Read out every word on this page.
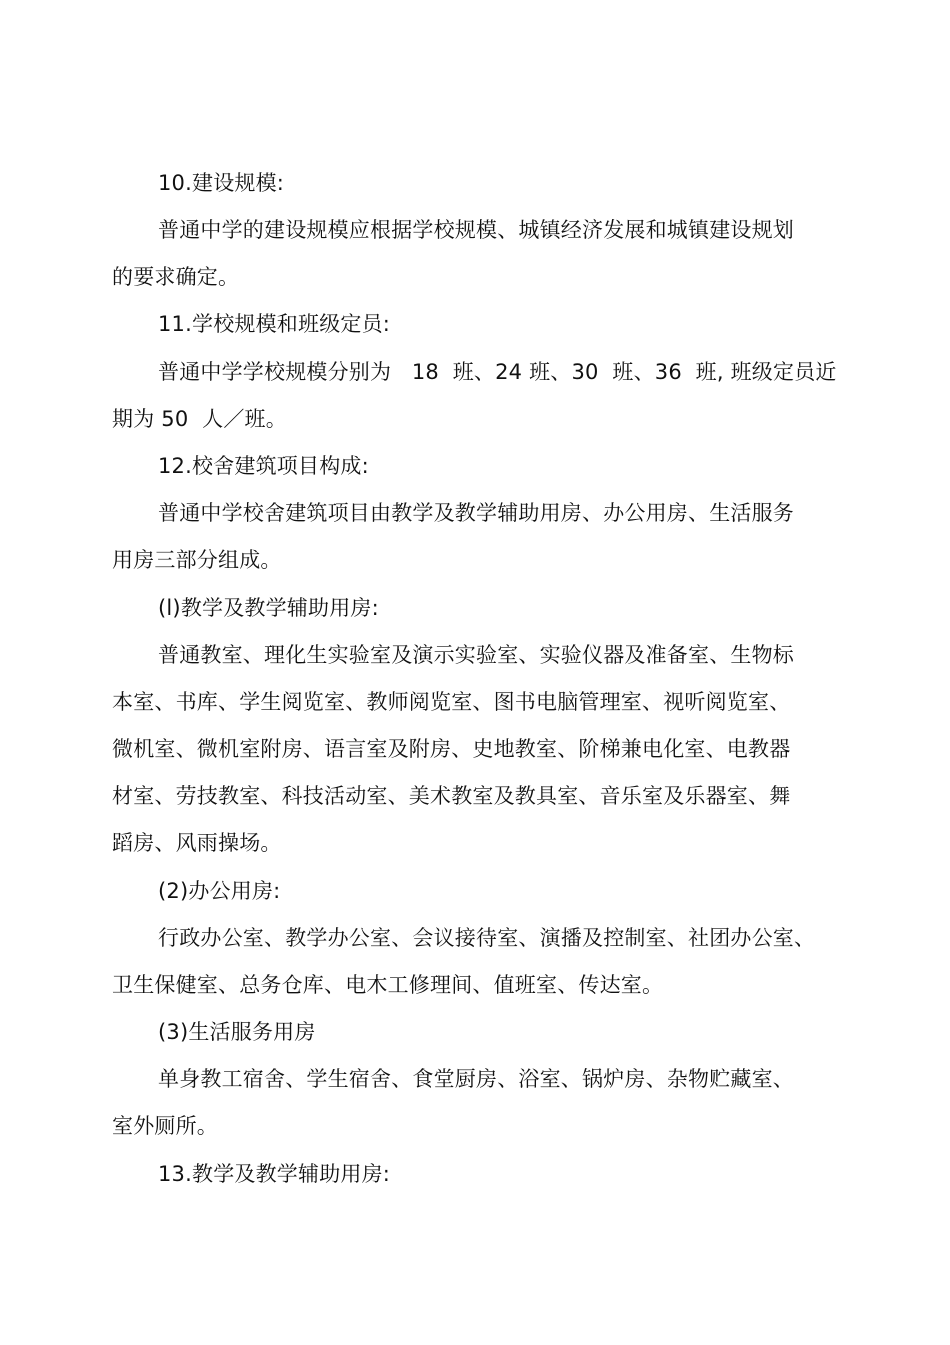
10.建设规模:
普通中学的建设规模应根据学校规模、城镇经济发展和城镇建设规划
的要求确定。
11.学校规模和班级定员:
普通中学学校规模分别为   18  班、24 班、30  班、36  班, 班级定员近
期为 50  人／班。
12.校舍建筑项目构成:
普通中学校舍建筑项目由教学及教学辅助用房、办公用房、生活服务
用房三部分组成。
(l)教学及教学辅助用房:
普通教室、理化生实验室及演示实验室、实验仪器及准备室、生物标
本室、书库、学生阅览室、教师阅览室、图书电脑管理室、视听阅览室、
微机室、微机室附房、语言室及附房、史地教室、阶梯兼电化室、电教器
材室、劳技教室、科技活动室、美术教室及教具室、音乐室及乐器室、舞
蹈房、风雨操场。
(2)办公用房:
行政办公室、教学办公室、会议接待室、演播及控制室、社团办公室、
卫生保健室、总务仓库、电木工修理间、值班室、传达室。
(3)生活服务用房
单身教工宿舍、学生宿舍、食堂厨房、浴室、锅炉房、杂物贮藏室、
室外厕所。
13.教学及教学辅助用房:
